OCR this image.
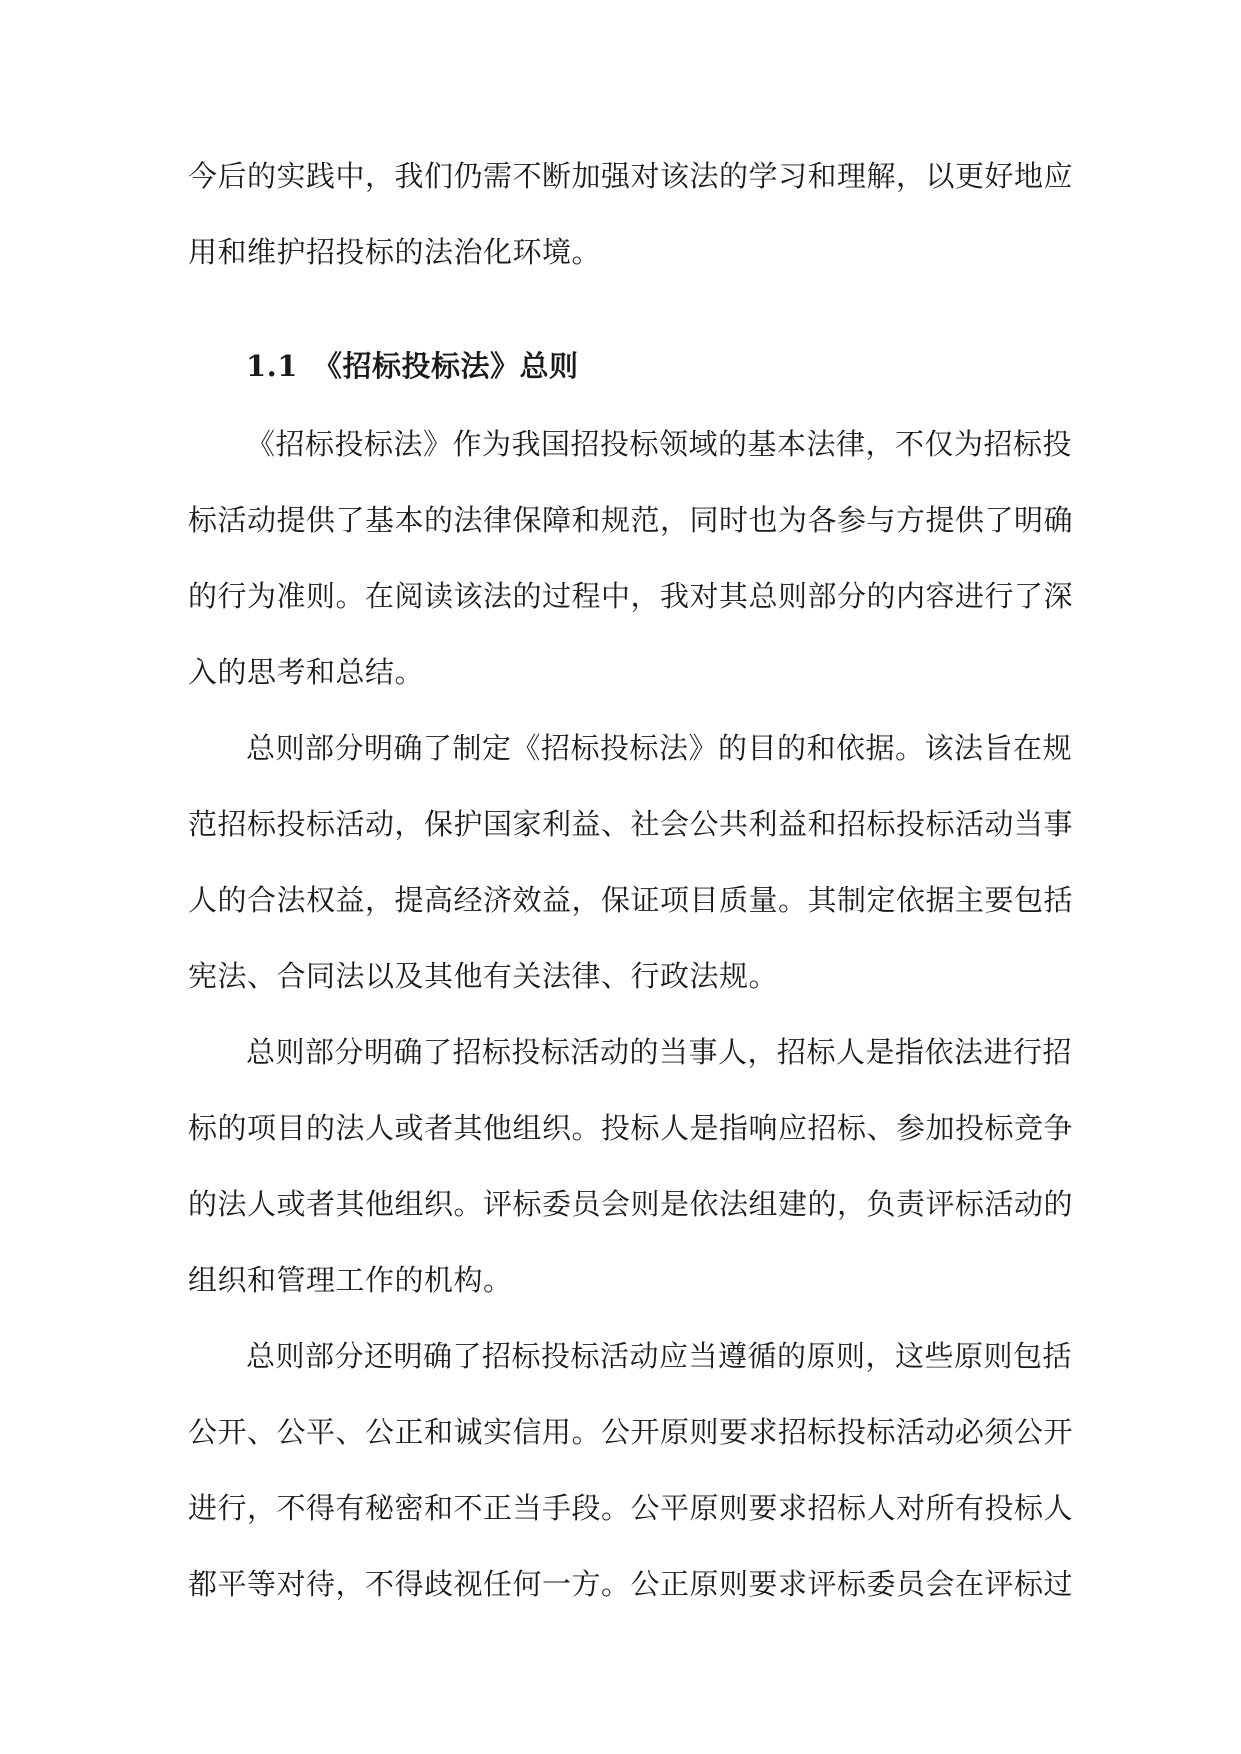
今后的实践中，我们仍需不断加强对该法的学习和理解，以更好地应
用和维护招投标的法治化环境。
1.1　《招标投标法》总则
《招标投标法》作为我国招投标领域的基本法律，不仅为招标投
标活动提供了基本的法律保障和规范，同时也为各参与方提供了明确
的行为准则。在阅读该法的过程中，我对其总则部分的内容进行了深
入的思考和总结。
总则部分明确了制定《招标投标法》的目的和依据。该法旨在规
范招标投标活动，保护国家利益、社会公共利益和招标投标活动当事
人的合法权益，提高经济效益，保证项目质量。其制定依据主要包括
宪法、合同法以及其他有关法律、行政法规。
总则部分明确了招标投标活动的当事人，招标人是指依法进行招
标的项目的法人或者其他组织。投标人是指响应招标、参加投标竞争
的法人或者其他组织。评标委员会则是依法组建的，负责评标活动的
组织和管理工作的机构。
总则部分还明确了招标投标活动应当遵循的原则，这些原则包括
公开、公平、公正和诚实信用。公开原则要求招标投标活动必须公开
进行，不得有秘密和不正当手段。公平原则要求招标人对所有投标人
都平等对待，不得歧视任何一方。公正原则要求评标委员会在评标过
